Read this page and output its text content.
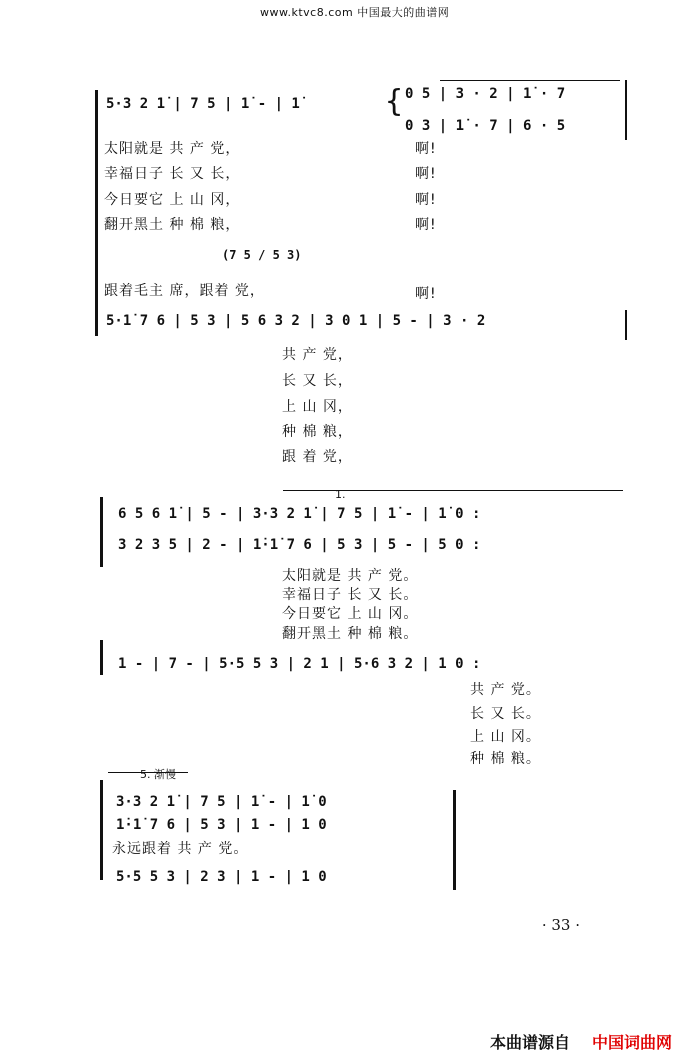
www.ktvc8.com 中国最大的曲谱网
5·3 2 1̇ | 7 5 | 1̇ - | 1̇	{ 0 5 | 3 · 2 | 1̇ · 7
0 3 | 1̇ · 7 | 6 · 5
太阳就是 共 产 党，	啊!
幸福日子 长 又 长，	啊!
今日要它 上 山 冈，	啊!
翻开黑土 种 棉 粮，	啊!
(7 5 / 5 3)
跟着毛主 席，跟着 党，	啊!
5·1̇ 7 6 | 5 3 | 5 6 3 2 | 3 0 1 | 5 - | 3 · 2
共 产 党，
长 又 长，
上 山 冈，
种 棉 粮，
跟 着 党，
1.
6 5 6 1̇ | 5 - | 3·3 2 1̇ | 7 5 | 1̇ - | 1̇ 0 :
3 2 3 5 | 2 - | 1̇·1̇ 7 6 | 5 3 | 5 - | 5 0 :
太阳就是 共 产 党。
幸福日子 长 又 长。
今日要它 上 山 冈。
翻开黑土 种 棉 粮。
1 - | 7 - | 5·5 5 3 | 2 1 | 5·6 3 2 | 1 0 :
共 产 党。
长 又 长。
上 山 冈。
种 棉 粮。
5. 渐慢
3·3 2 1̇ | 7 5 | 1̇ - | 1̇ 0
1̇·1̇ 7 6 | 5 3 | 1 - | 1 0
永远跟着 共 产 党。
5·5 5 3 | 2 3 | 1 - | 1 0
· 33 ·
本曲谱源自 中国词曲网
